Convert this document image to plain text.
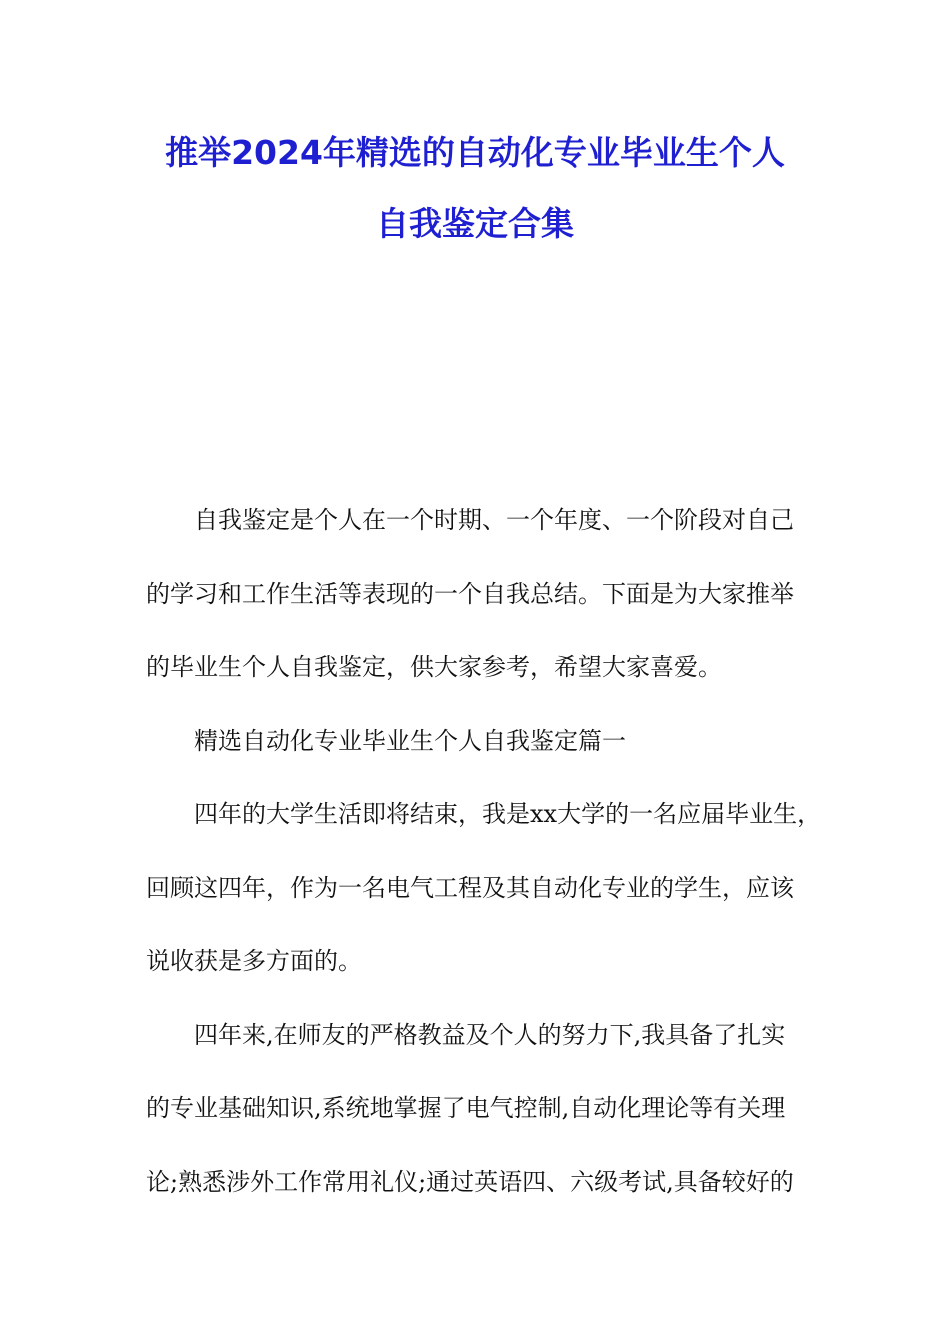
推举2024年精选的自动化专业毕业生个人
自我鉴定合集
自我鉴定是个人在一个时期、一个年度、一个阶段对自己
的学习和工作生活等表现的一个自我总结。下面是为大家推举
的毕业生个人自我鉴定，供大家参考，希望大家喜爱。
精选自动化专业毕业生个人自我鉴定篇一
四年的大学生活即将结束，我是xx大学的一名应届毕业生，
回顾这四年，作为一名电气工程及其自动化专业的学生，应该
说收获是多方面的。
四年来,在师友的严格教益及个人的努力下,我具备了扎实
的专业基础知识,系统地掌握了电气控制,自动化理论等有关理
论;熟悉涉外工作常用礼仪;通过英语四、六级考试,具备较好的
